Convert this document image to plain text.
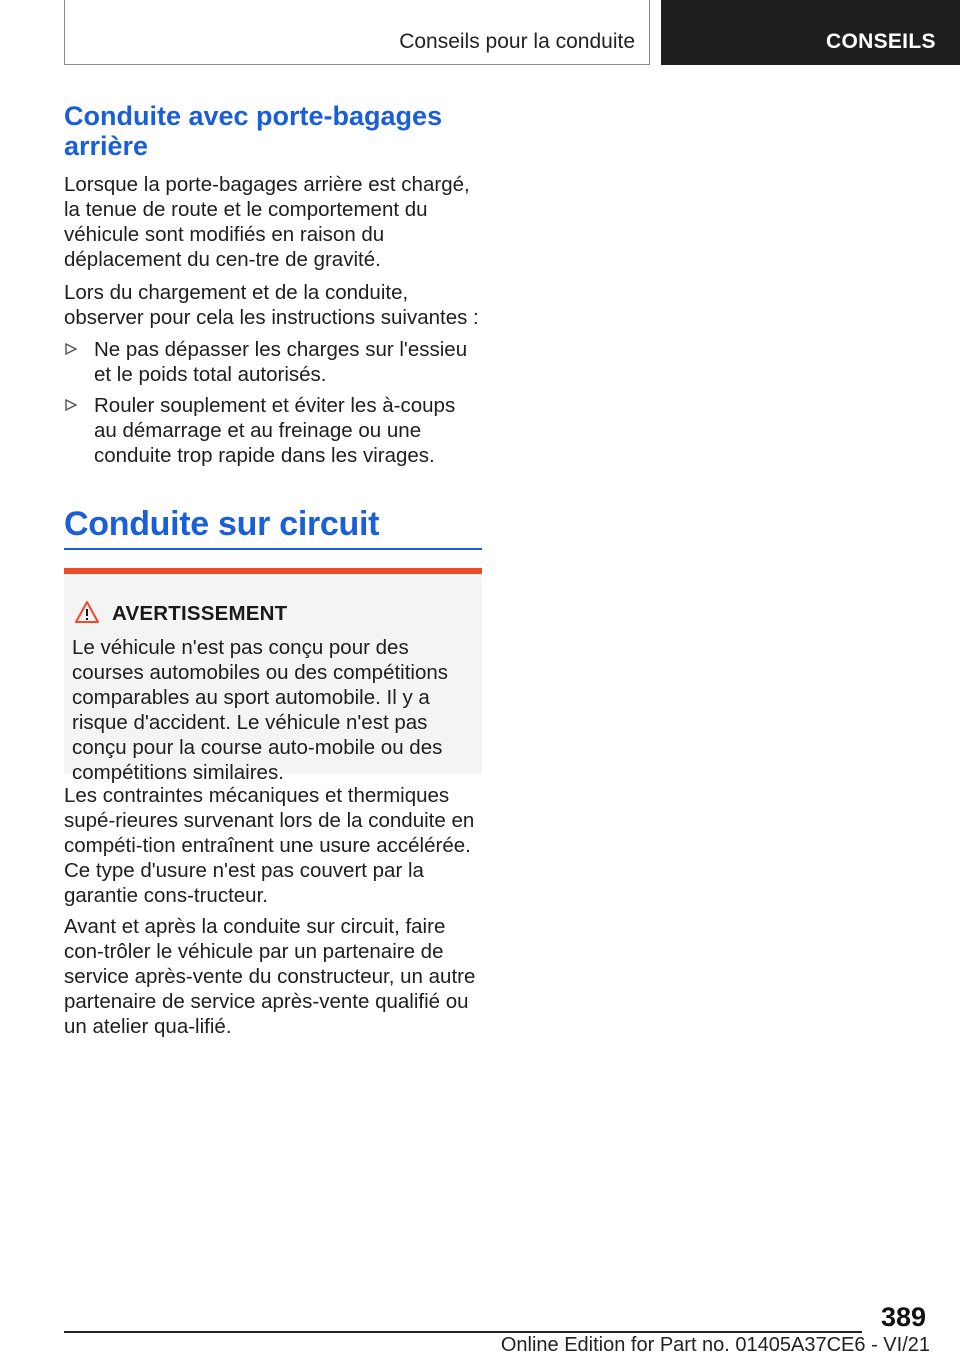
Conseils pour la conduite	CONSEILS
Conduite avec porte-bagages arrière

Lorsque la porte-bagages arrière est chargé, la tenue de route et le comportement du véhicule sont modifiés en raison du déplacement du cen-tre de gravité.

Lors du chargement et de la conduite, observer pour cela les instructions suivantes :

Ne pas dépasser les charges sur l'essieu et le poids total autorisés.
Rouler souplement et éviter les à-coups au démarrage et au freinage ou une conduite trop rapide dans les virages.
Conduite sur circuit
AVERTISSEMENT

Le véhicule n'est pas conçu pour des courses automobiles ou des compétitions comparables au sport automobile. Il y a risque d'accident. Le véhicule n'est pas conçu pour la course auto-mobile ou des compétitions similaires.

Les contraintes mécaniques et thermiques supé-rieures survenant lors de la conduite en compéti-tion entraînent une usure accélérée. Ce type d'usure n'est pas couvert par la garantie cons-tructeur.

Avant et après la conduite sur circuit, faire con-trôler le véhicule par un partenaire de service après-vente du constructeur, un autre partenaire de service après-vente qualifié ou un atelier qua-lifié.

389
Online Edition for Part no. 01405A37CE6 - VI/21
